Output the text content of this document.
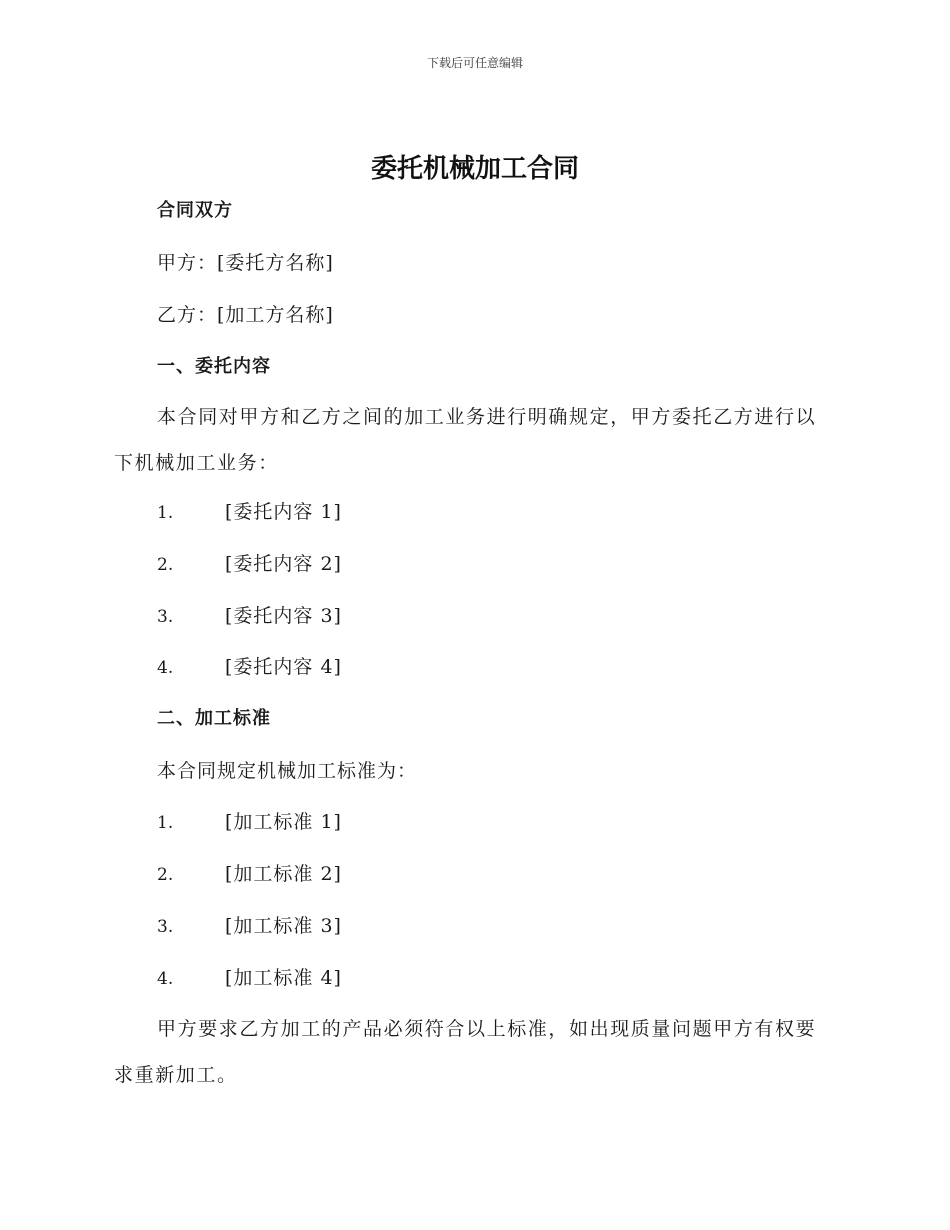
下载后可任意编辑
委托机械加工合同
合同双方
甲方：[委托方名称]
乙方：[加工方名称]
一、委托内容
本合同对甲方和乙方之间的加工业务进行明确规定，甲方委托乙方进行以下机械加工业务：
1.	[委托内容 1]
2.	[委托内容 2]
3.	[委托内容 3]
4.	[委托内容 4]
二、加工标准
本合同规定机械加工标准为：
1.	[加工标准 1]
2.	[加工标准 2]
3.	[加工标准 3]
4.	[加工标准 4]
甲方要求乙方加工的产品必须符合以上标准，如出现质量问题甲方有权要求重新加工。
